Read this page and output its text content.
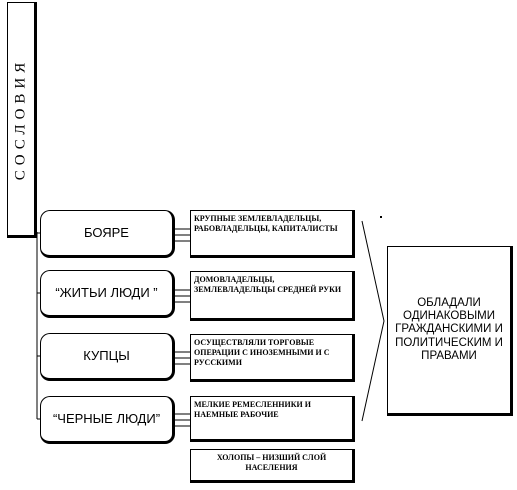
СОСЛОВИЯ
БОЯРЕ
“ЖИТЬИ ЛЮДИ ”
КУПЦЫ
“ЧЕРНЫЕ ЛЮДИ”
КРУПНЫЕ ЗЕМЛЕВЛАДЕЛЬЦЫ, РАБОВЛАДЕЛЬЦЫ, КАПИТАЛИСТЫ
ДОМОВЛАДЕЛЬЦЫ, ЗЕМЛЕВЛАДЕЛЬЦЫ СРЕДНЕЙ РУКИ
ОСУЩЕСТВЛЯЛИ ТОРГОВЫЕ ОПЕРАЦИИ С ИНОЗЕМНЫМИ И С РУССКИМИ
МЕЛКИЕ РЕМЕСЛЕННИКИ И НАЕМНЫЕ РАБОЧИЕ
ХОЛОПЫ – НИЗШИЙ СЛОЙ НАСЕЛЕНИЯ
ОБЛАДАЛИ ОДИНАКОВЫМИ ГРАЖДАНСКИМИ И ПОЛИТИЧЕСКИМ И ПРАВАМИ
